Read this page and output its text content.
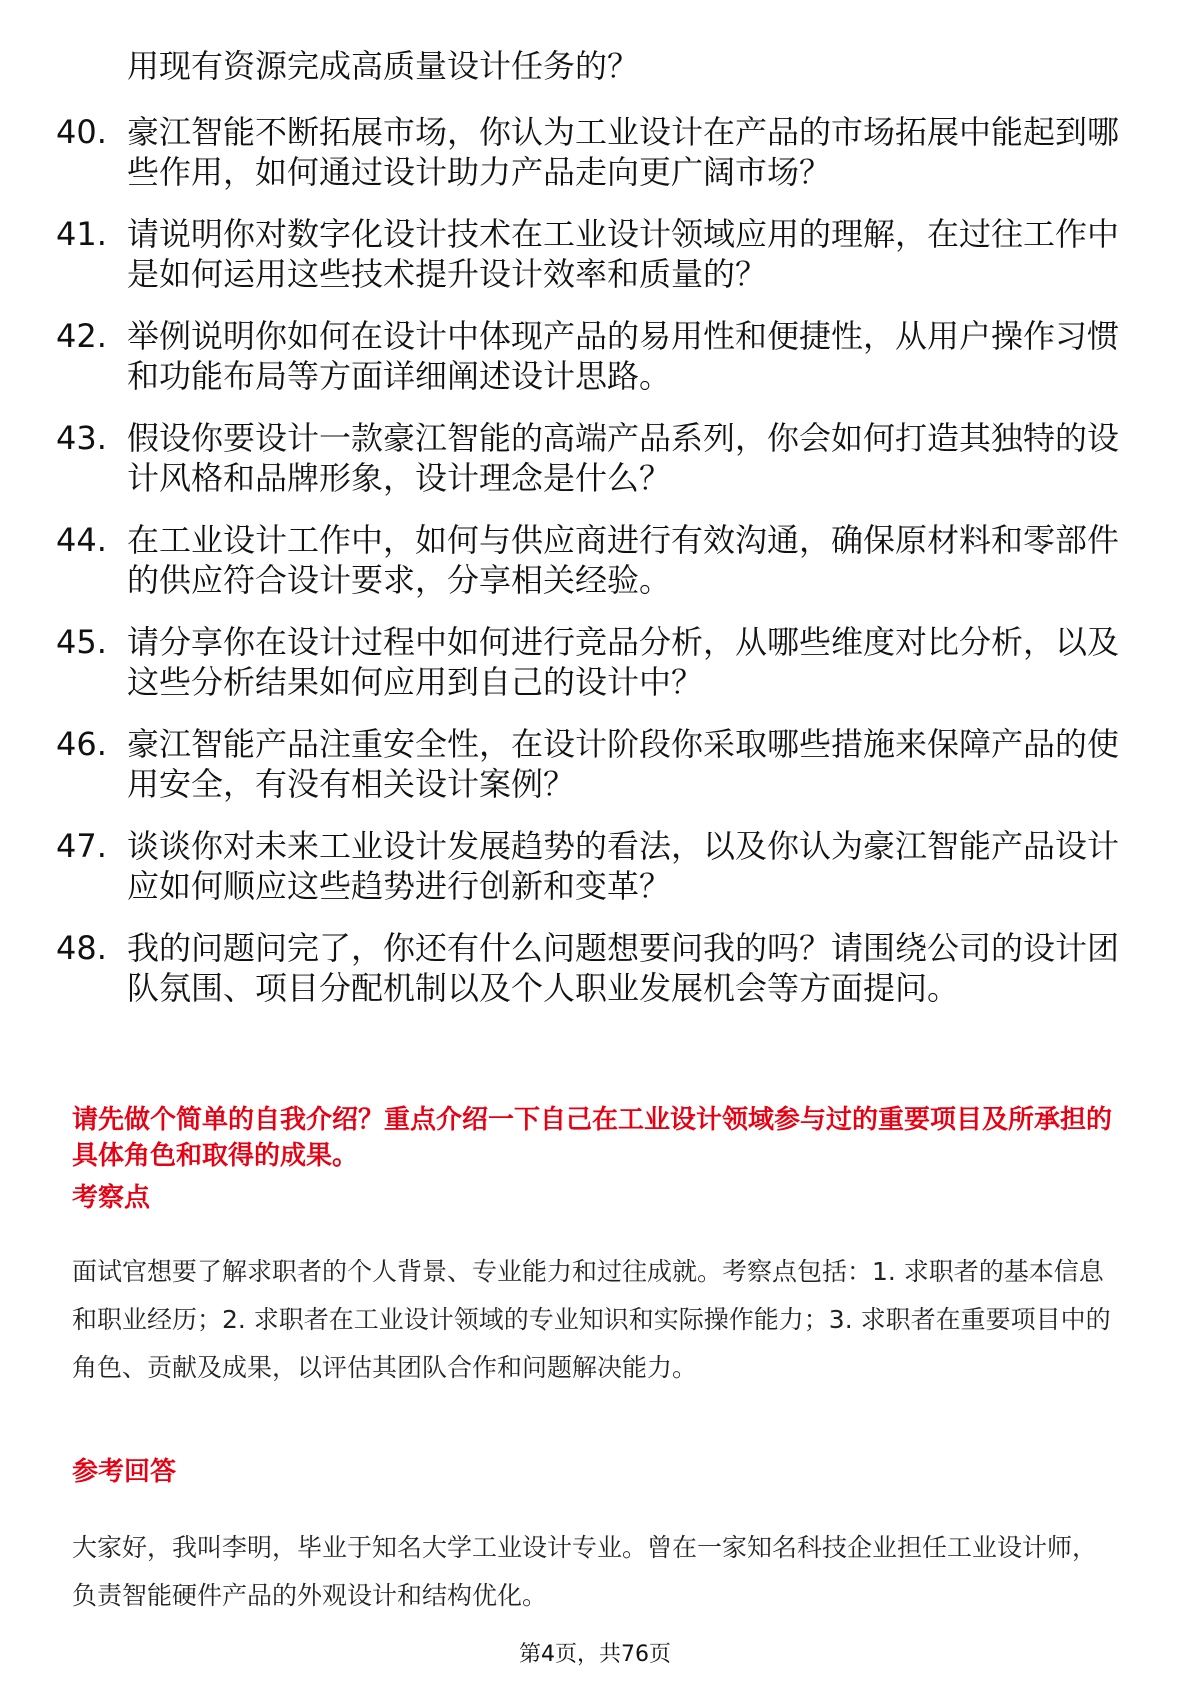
用现有资源完成高质量设计任务的？
40. 豪江智能不断拓展市场，你认为工业设计在产品的市场拓展中能起到哪些作用，如何通过设计助力产品走向更广阔市场？
41. 请说明你对数字化设计技术在工业设计领域应用的理解，在过往工作中是如何运用这些技术提升设计效率和质量的？
42. 举例说明你如何在设计中体现产品的易用性和便捷性，从用户操作习惯和功能布局等方面详细阐述设计思路。
43. 假设你要设计一款豪江智能的高端产品系列，你会如何打造其独特的设计风格和品牌形象，设计理念是什么？
44. 在工业设计工作中，如何与供应商进行有效沟通，确保原材料和零部件的供应符合设计要求，分享相关经验。
45. 请分享你在设计过程中如何进行竞品分析，从哪些维度对比分析，以及这些分析结果如何应用到自己的设计中？
46. 豪江智能产品注重安全性，在设计阶段你采取哪些措施来保障产品的使用安全，有没有相关设计案例？
47. 谈谈你对未来工业设计发展趋势的看法，以及你认为豪江智能产品设计应如何顺应这些趋势进行创新和变革？
48. 我的问题问完了，你还有什么问题想要问我的吗？请围绕公司的设计团队氛围、项目分配机制以及个人职业发展机会等方面提问。
请先做个简单的自我介绍？重点介绍一下自己在工业设计领域参与过的重要项目及所承担的具体角色和取得的成果。
考察点
面试官想要了解求职者的个人背景、专业能力和过往成就。考察点包括：1. 求职者的基本信息和职业经历；2. 求职者在工业设计领域的专业知识和实际操作能力；3. 求职者在重要项目中的角色、贡献及成果，以评估其团队合作和问题解决能力。
参考回答
大家好，我叫李明，毕业于知名大学工业设计专业。曾在一家知名科技企业担任工业设计师，负责智能硬件产品的外观设计和结构优化。
第4页，共76页
